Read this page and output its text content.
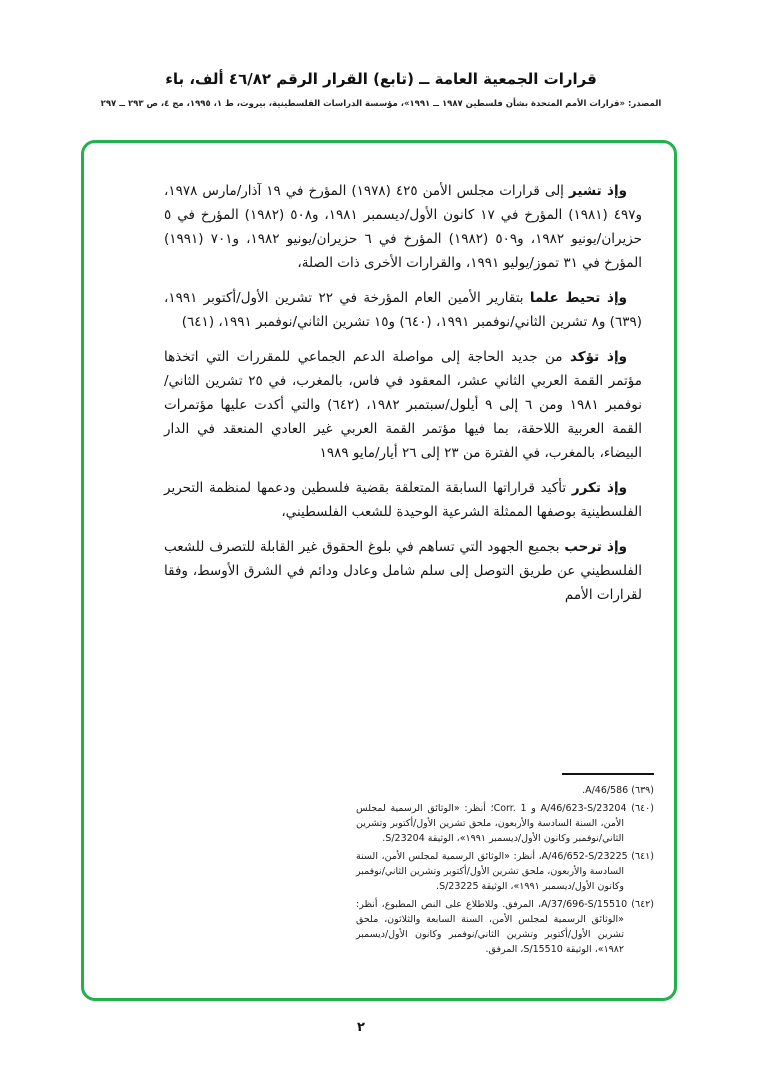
قرارات الجمعية العامة ــ (تابع) القرار الرقم ٤٦/٨٢ ألف، باء
المصدر: «قرارات الأمم المتحدة بشأن فلسطين ١٩٨٧ ــ ١٩٩١»، مؤسسة الدراسات الفلسطينية، بيروت، ط ١، ١٩٩٥، مج ٤، ص ٢٩٣ ــ ٢٩٧

وإذ تشير إلى قرارات مجلس الأمن ٤٢٥ (١٩٧٨) المؤرخ في ١٩ آذار/مارس ١٩٧٨، و٤٩٧ (١٩٨١) المؤرخ في ١٧ كانون الأول/ديسمبر ١٩٨١، و٥٠٨ (١٩٨٢) المؤرخ في ٥ حزيران/يونيو ١٩٨٢، و٥٠٩ (١٩٨٢) المؤرخ في ٦ حزيران/يونيو ١٩٨٢، و٧٠١ (١٩٩١) المؤرخ في ٣١ تموز/يوليو ١٩٩١، والقرارات الأخرى ذات الصلة،

وإذ تحيط علما بتقارير الأمين العام المؤرخة في ٢٢ تشرين الأول/أكتوبر ١٩٩١، (٦٣٩) و٨ تشرين الثاني/نوفمبر ١٩٩١، (٦٤٠) و١٥ تشرين الثاني/نوفمبر ١٩٩١، (٦٤١)

وإذ تؤكد من جديد الحاجة إلى مواصلة الدعم الجماعي للمقررات التي اتخذها مؤتمر القمة العربي الثاني عشر، المعقود في فاس، بالمغرب، في ٢٥ تشرين الثاني/نوفمبر ١٩٨١ ومن ٦ إلى ٩ أيلول/سبتمبر ١٩٨٢، (٦٤٢) والتي أكدت عليها مؤتمرات القمة العربية اللاحقة، بما فيها مؤتمر القمة العربي غير العادي المنعقد في الدار البيضاء، بالمغرب، في الفترة من ٢٣ إلى ٢٦ أيار/مايو ١٩٨٩

وإذ تكرر تأكيد قراراتها السابقة المتعلقة بقضية فلسطين ودعمها لمنظمة التحرير الفلسطينية بوصفها الممثلة الشرعية الوحيدة للشعب الفلسطيني،

وإذ ترحب بجميع الجهود التي تساهم في بلوغ الحقوق غير القابلة للتصرف للشعب الفلسطيني عن طريق التوصل إلى سلم شامل وعادل ودائم في الشرق الأوسط، وفقا لقرارات الأمم

(٦٣٩) ⁦A/46/586⁩.
(٦٤٠) ⁦A/46/623-S/23204⁩ و ⁦Corr. 1⁩؛ أنظر: «الوثائق الرسمية لمجلس الأمن، السنة السادسة والأربعون، ملحق تشرين الأول/أكتوبر وتشرين الثاني/نوفمبر وكانون الأول/ديسمبر ١٩٩١»، الوثيقة ⁦S/23204⁩.
(٦٤١) ⁦A/46/652-S/23225⁩، أنظر: «الوثائق الرسمية لمجلس الأمن، السنة السادسة والأربعون، ملحق تشرين الأول/أكتوبر وتشرين الثاني/نوفمبر وكانون الأول/ديسمبر ١٩٩١»، الوثيقة ⁦S/23225⁩.
(٦٤٢) ⁦A/37/696-S/15510⁩، المرفق. وللاطلاع على النص المطبوع، أنظر: «الوثائق الرسمية لمجلس الأمن، السنة السابعة والثلاثون، ملحق تشرين الأول/أكتوبر وتشرين الثاني/نوفمبر وكانون الأول/ديسمبر ١٩٨٢»، الوثيقة ⁦S/15510⁩، المرفق.
٢
